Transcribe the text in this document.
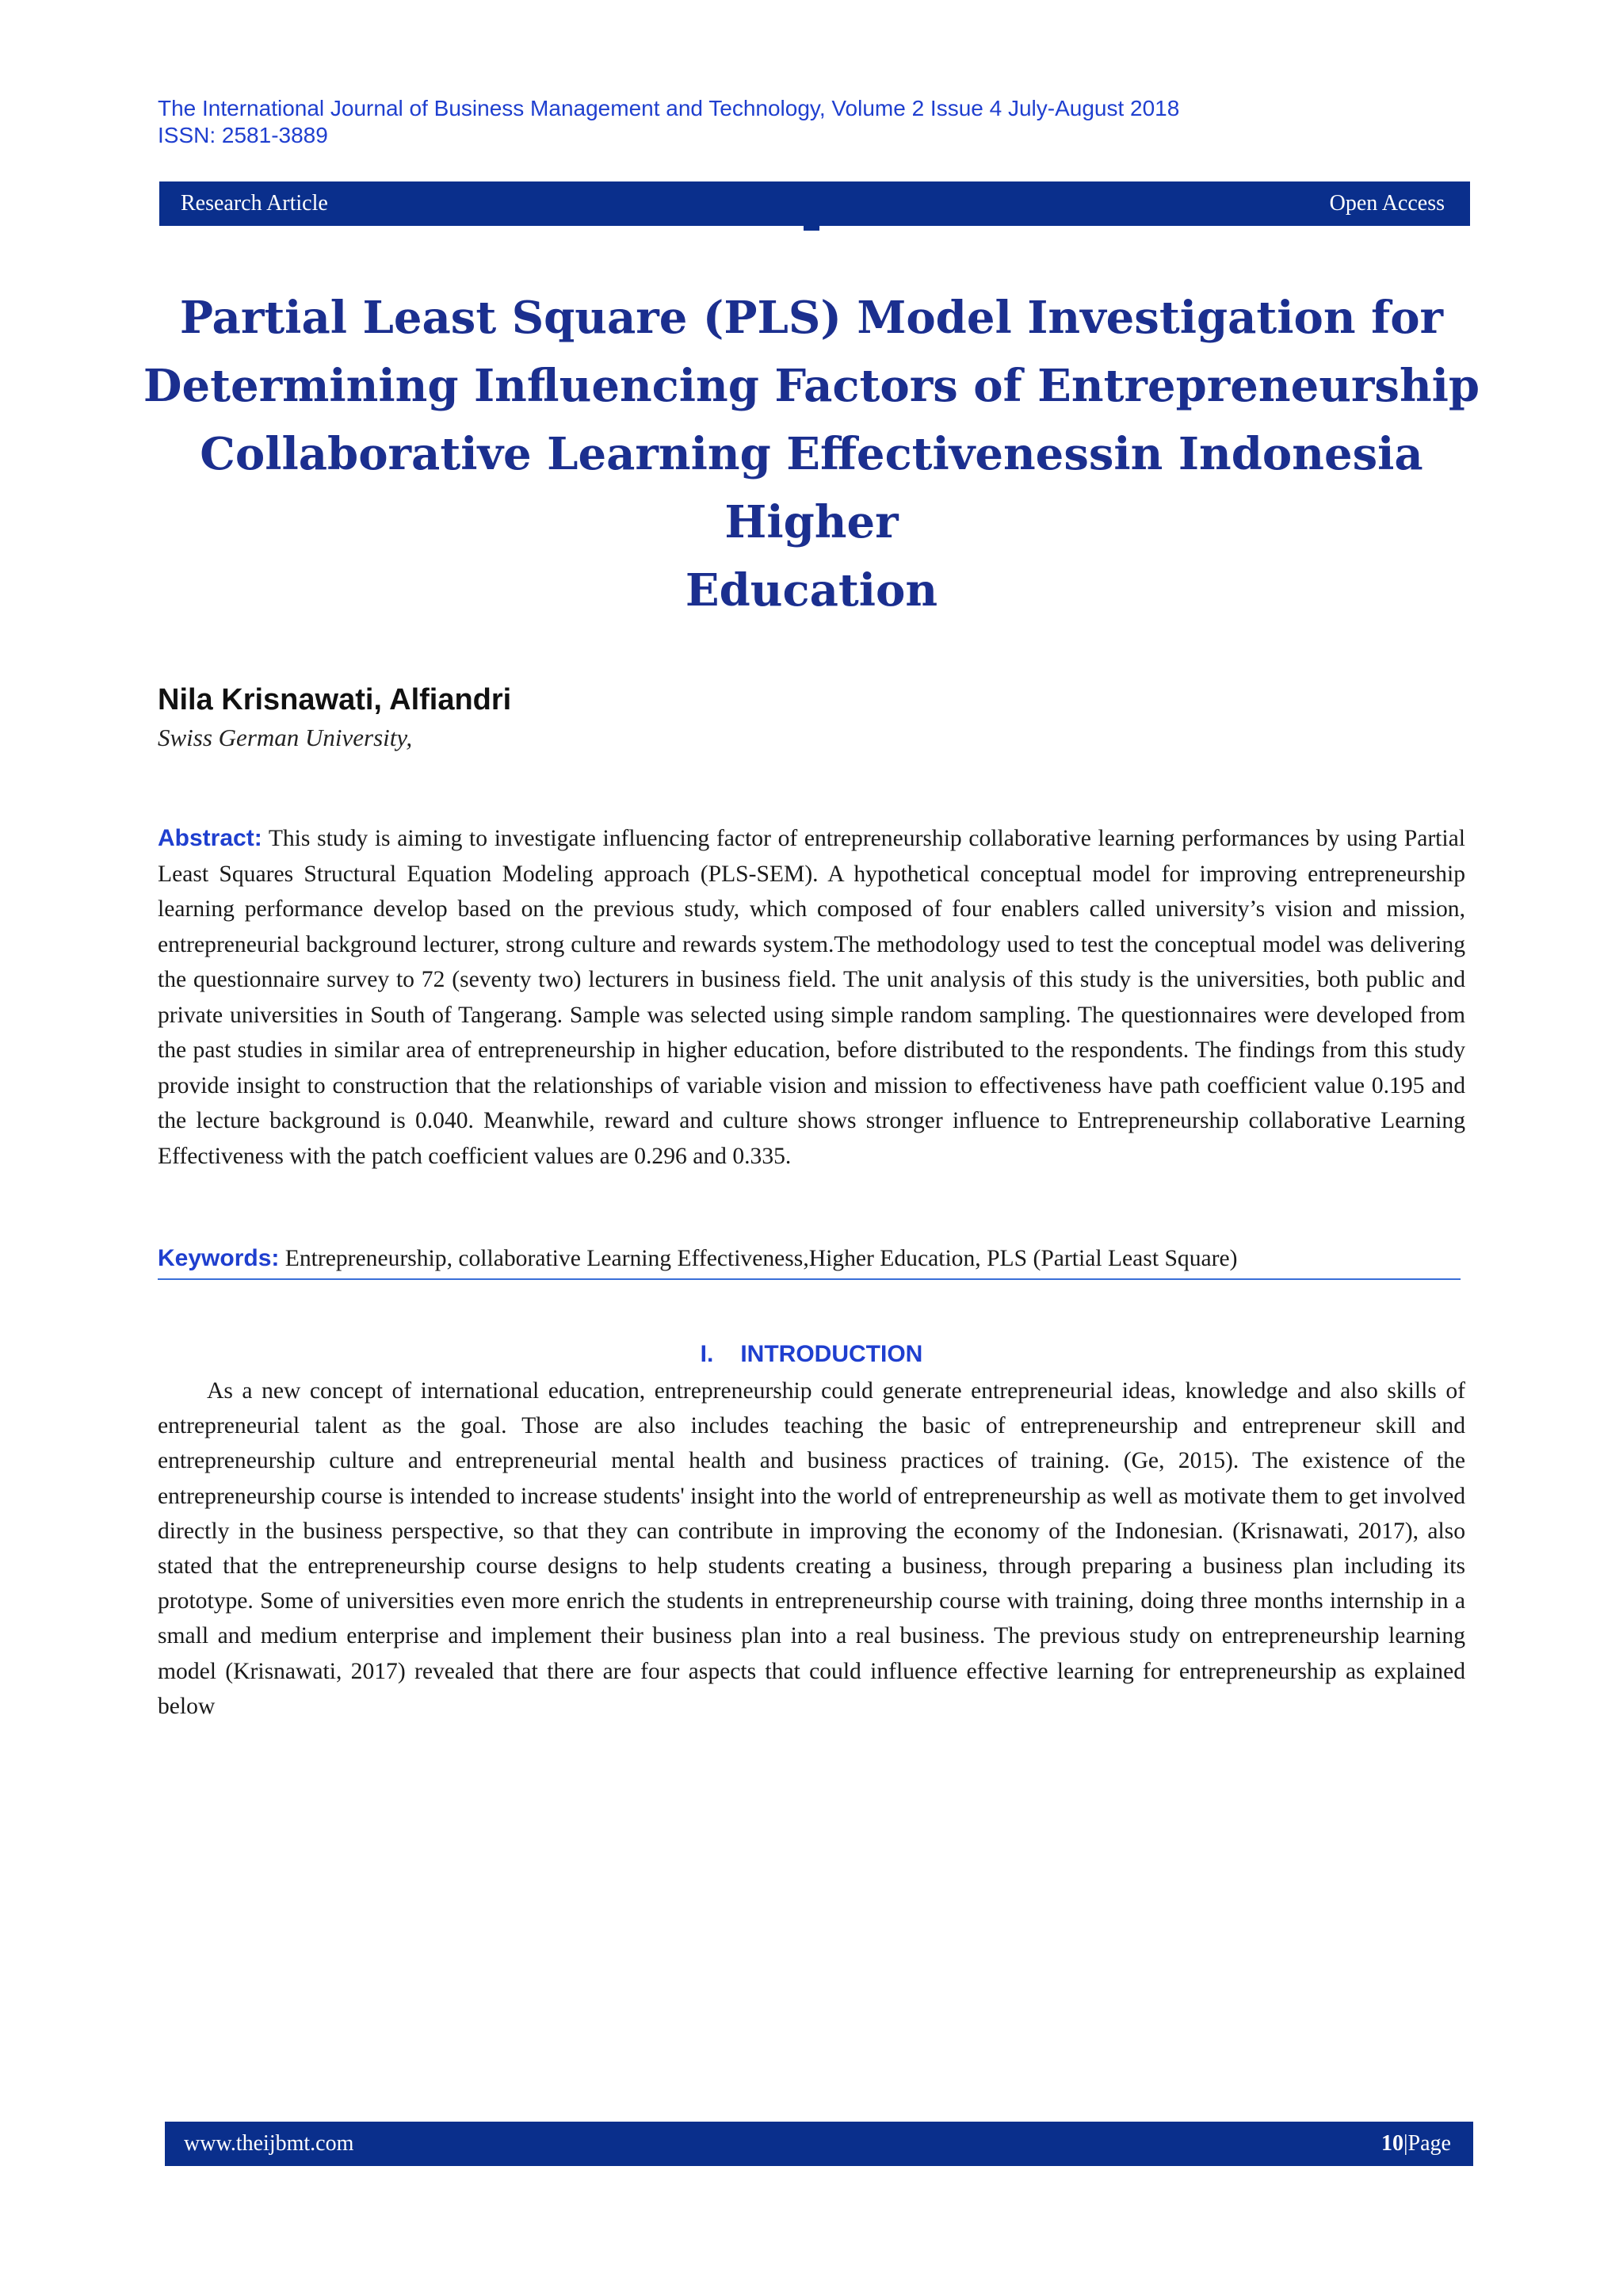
The International Journal of Business Management and Technology, Volume 2 Issue 4 July-August 2018
ISSN: 2581-3889
Research Article	Open Access
Partial Least Square (PLS) Model Investigation for
Determining Influencing Factors of Entrepreneurship
Collaborative Learning Effectivenessin Indonesia Higher
Education
Nila Krisnawati, Alfiandri
Swiss German University,

Abstract: This study is aiming to investigate influencing factor of entrepreneurship collaborative learning performances by using Partial Least Squares Structural Equation Modeling approach (PLS-SEM). A hypothetical conceptual model for improving entrepreneurship learning performance develop based on the previous study, which composed of four enablers called university’s vision and mission, entrepreneurial background lecturer, strong culture and rewards system.The methodology used to test the conceptual model was delivering the questionnaire survey to 72 (seventy two) lecturers in business field. The unit analysis of this study is the universities, both public and private universities in South of Tangerang. Sample was selected using simple random sampling. The questionnaires were developed from the past studies in similar area of entrepreneurship in higher education, before distributed to the respondents. The findings from this study provide insight to construction that the relationships of variable vision and mission to effectiveness have path coefficient value 0.195 and the lecture background is 0.040. Meanwhile, reward and culture shows stronger influence to Entrepreneurship collaborative Learning Effectiveness with the patch coefficient values are 0.296 and 0.335.

Keywords: Entrepreneurship, collaborative Learning Effectiveness,Higher Education, PLS (Partial Least Square)

I. INTRODUCTION

As a new concept of international education, entrepreneurship could generate entrepreneurial ideas, knowledge and also skills of entrepreneurial talent as the goal. Those are also includes teaching the basic of entrepreneurship and entrepreneur skill and entrepreneurship culture and entrepreneurial mental health and business practices of training. (Ge, 2015). The existence of the entrepreneurship course is intended to increase students' insight into the world of entrepreneurship as well as motivate them to get involved directly in the business perspective, so that they can contribute in improving the economy of the Indonesian. (Krisnawati, 2017), also stated that the entrepreneurship course designs to help students creating a business, through preparing a business plan including its prototype. Some of universities even more enrich the students in entrepreneurship course with training, doing three months internship in a small and medium enterprise and implement their business plan into a real business. The previous study on entrepreneurship learning model (Krisnawati, 2017) revealed that there are four aspects that could influence effective learning for entrepreneurship as explained below

www.theijbmt.com	10|Page
